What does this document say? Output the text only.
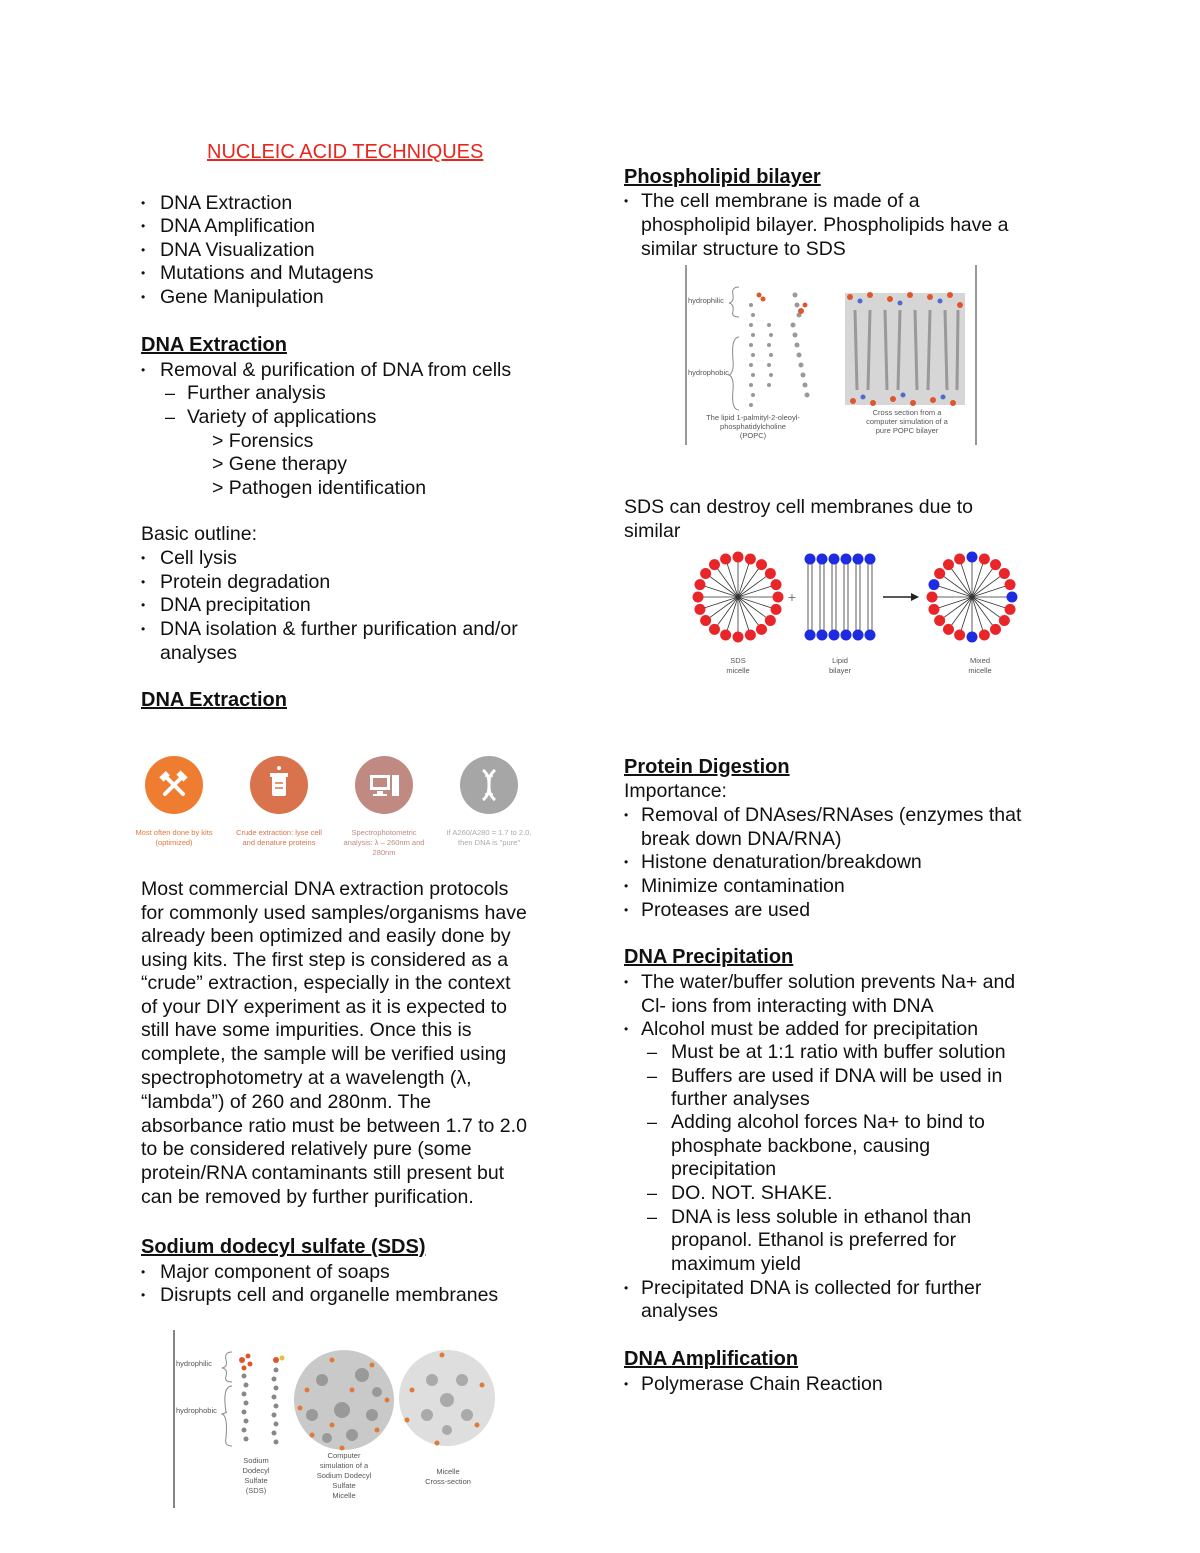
NUCLEIC ACID TECHNIQUES
• DNA Extraction
• DNA Amplification
• DNA Visualization
• Mutations and Mutagens
• Gene Manipulation
DNA Extraction
• Removal & purification of DNA from cells
– Further analysis
– Variety of applications
> Forensics
> Gene therapy
> Pathogen identification
Basic outline:
• Cell lysis
• Protein degradation
• DNA precipitation
• DNA isolation & further purification and/or
analyses
DNA Extraction
Most often done by kits
(optimized)
Crude extraction: lyse cell
and denature proteins
Spectrophotometric
analysis: λ – 260nm and
280nm
If A260/A280 = 1.7 to 2.0,
then DNA is "pure"
Most commercial DNA extraction protocols
for commonly used samples/organisms have
already been optimized and easily done by
using kits. The first step is considered as a
“crude” extraction, especially in the context
of your DIY experiment as it is expected to
still have some impurities. Once this is
complete, the sample will be verified using
spectrophotometry at a wavelength (λ,
“lambda”) of 260 and 280nm. The
absorbance ratio must be between 1.7 to 2.0
to be considered relatively pure (some
protein/RNA contaminants still present but
can be removed by further purification.
Sodium dodecyl sulfate (SDS)
• Major component of soaps
• Disrupts cell and organelle membranes
hydrophilic
hydrophobic
Sodium
Dodecyl
Sulfate
(SDS)
Computer
simulation of a
Sodium Dodecyl
Sulfate
Micelle
Micelle
Cross-section
Phospholipid bilayer
• The cell membrane is made of a
phospholipid bilayer. Phospholipids have a
similar structure to SDS
hydrophilic
hydrophobic
The lipid 1-palmityl-2-oleoyl-
phosphatidylcholine
(POPC)
Cross section from a
computer simulation of a
pure POPC bilayer
SDS can destroy cell membranes due to
similar
+
SDS
micelle
Lipid
bilayer
Mixed
micelle
Protein Digestion
Importance:
• Removal of DNAses/RNAses (enzymes that
break down DNA/RNA)
• Histone denaturation/breakdown
• Minimize contamination
• Proteases are used
DNA Precipitation
• The water/buffer solution prevents Na+ and
Cl- ions from interacting with DNA
• Alcohol must be added for precipitation
– Must be at 1:1 ratio with buffer solution
– Buffers are used if DNA will be used in
further analyses
– Adding alcohol forces Na+ to bind to
phosphate backbone, causing
precipitation
– DO. NOT. SHAKE.
– DNA is less soluble in ethanol than
propanol. Ethanol is preferred for
maximum yield
• Precipitated DNA is collected for further
analyses
DNA Amplification
• Polymerase Chain Reaction
